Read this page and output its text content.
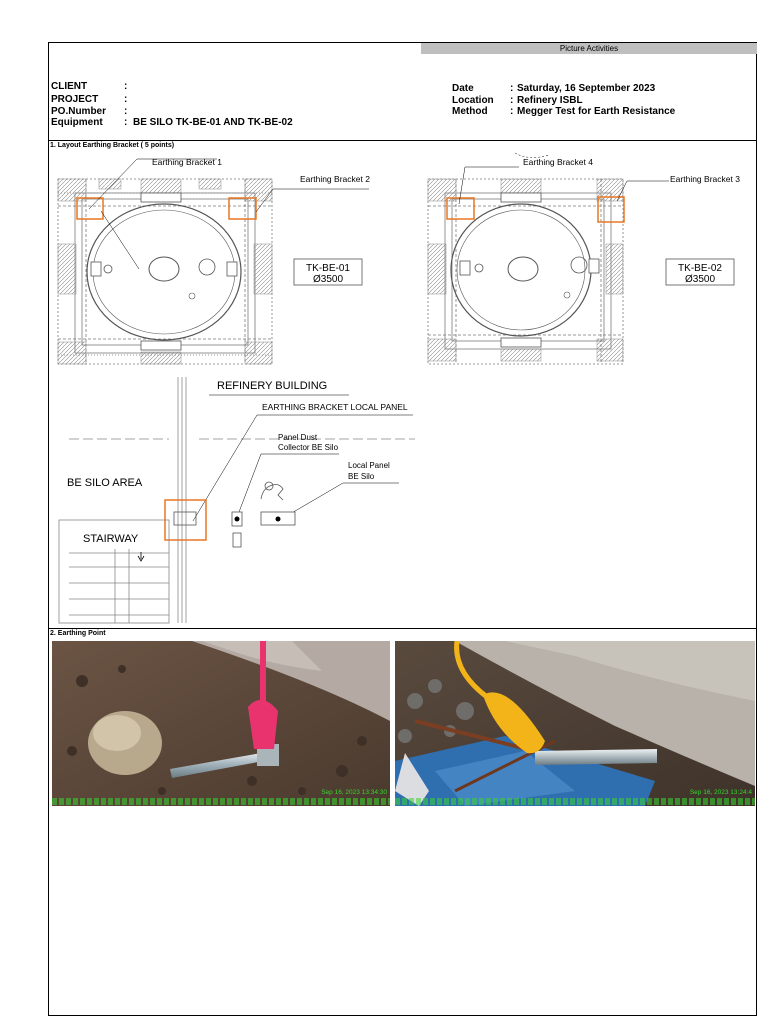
Picture Activities
CLIENT	:
PROJECT	:
PO.Number :
Equipment : BE SILO TK-BE-01 AND TK-BE-02
Date	: Saturday, 16 September 2023
Location : Refinery ISBL
Method : Megger Test for Earth Resistance
1. Layout Earthing Bracket ( 5 points)
Earthing Bracket 1
Earthing Bracket 2
TK-BE-01
Ø3500
Earthing Bracket 4
Earthing Bracket 3
TK-BE-02
Ø3500
REFINERY BUILDING
EARTHING BRACKET LOCAL PANEL
Panel Dust
Collector BE Silo
Local Panel
BE Silo
BE SILO AREA
STAIRWAY
2. Earthing Point
Sep 16, 2023 13:34:30	Sep 16, 2023 13:24:4
